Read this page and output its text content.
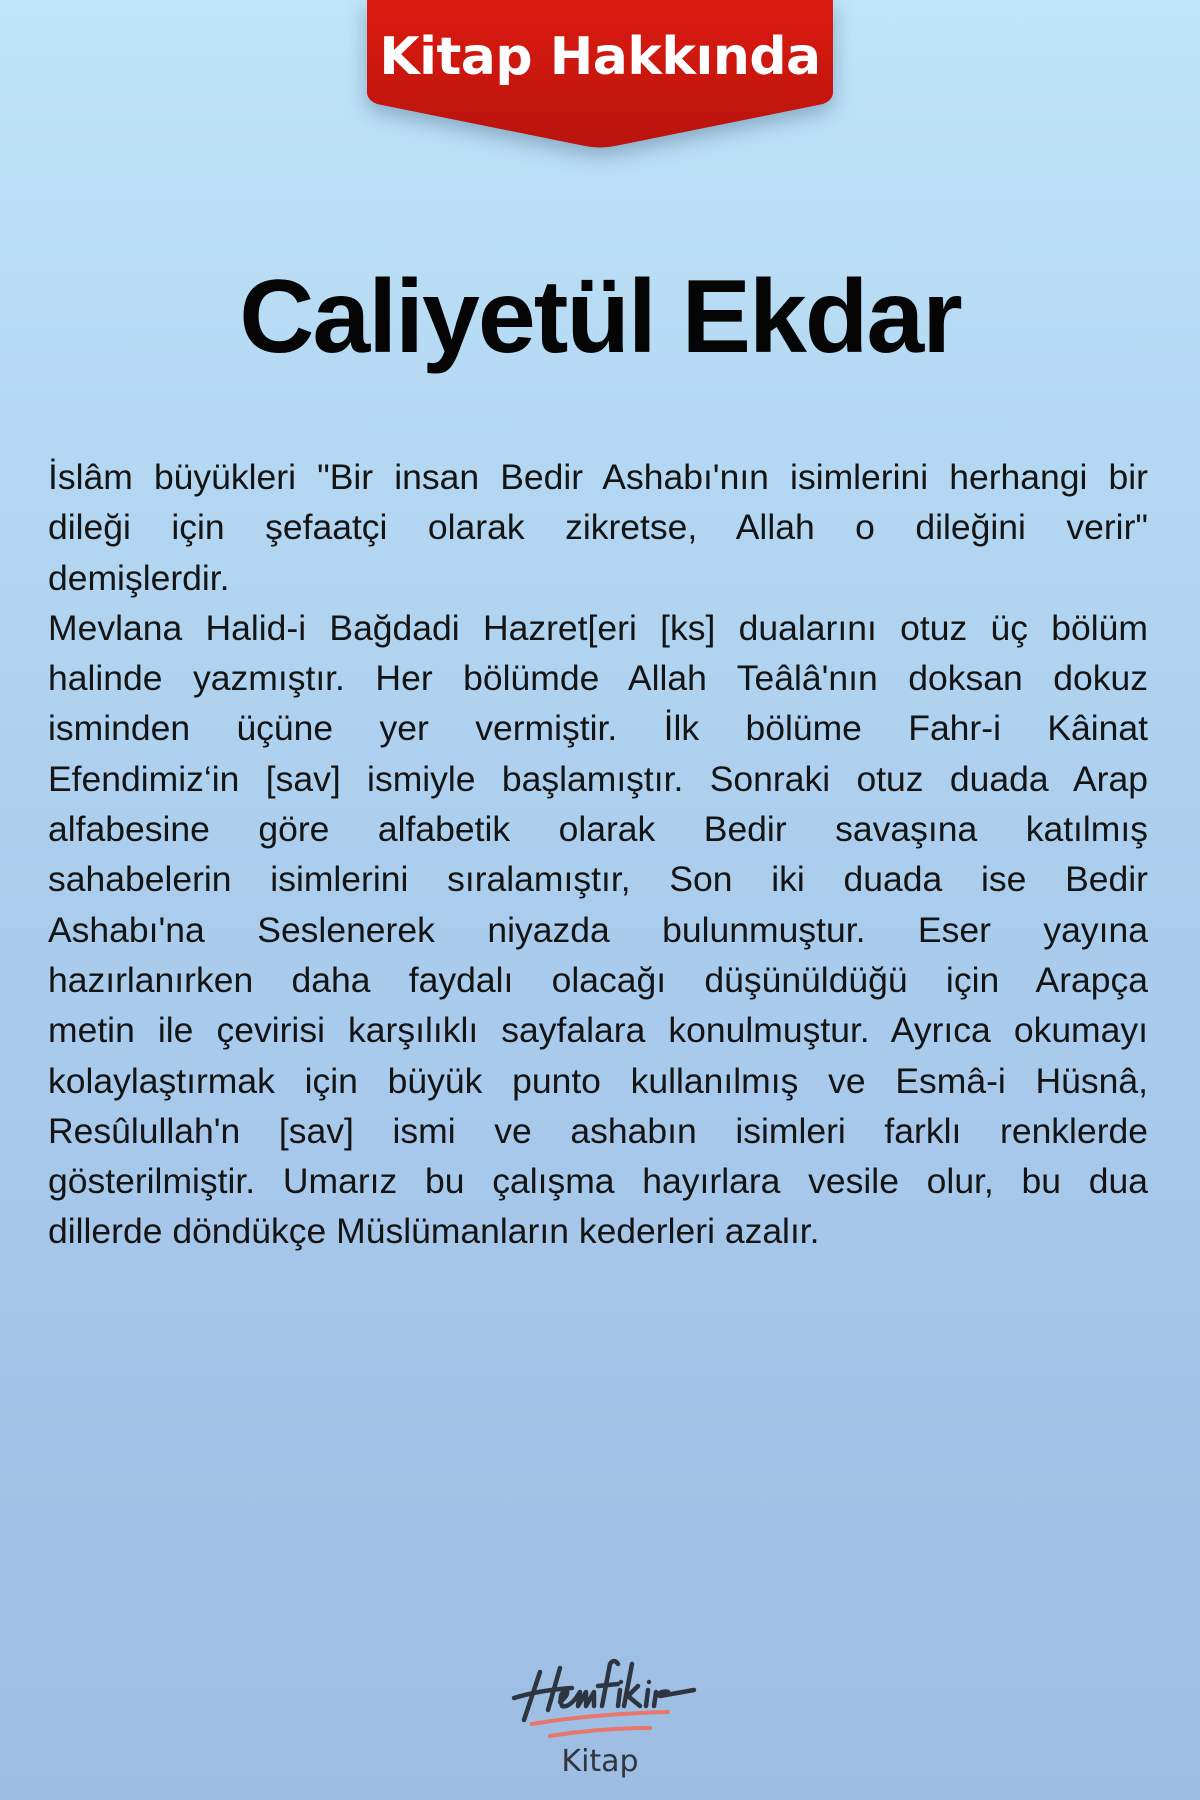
Kitap Hakkında
Caliyetül Ekdar
İslâm büyükleri "Bir insan Bedir Ashabı'nın isimlerini herhangi bir
dileği için şefaatçi olarak zikretse, Allah o dileğini verir"
demişlerdir.
Mevlana Halid-i Bağdadi Hazret[eri [ks] dualarını otuz üç bölüm
halinde yazmıştır. Her bölümde Allah Teâlâ'nın doksan dokuz
isminden üçüne yer vermiştir. İlk bölüme Fahr-i Kâinat
Efendimiz‘in [sav] ismiyle başlamıştır. Sonraki otuz duada Arap
alfabesine göre alfabetik olarak Bedir savaşına katılmış
sahabelerin isimlerini sıralamıştır, Son iki duada ise Bedir
Ashabı'na Seslenerek niyazda bulunmuştur. Eser yayına
hazırlanırken daha faydalı olacağı düşünüldüğü için Arapça
metin ile çevirisi karşılıklı sayfalara konulmuştur. Ayrıca okumayı
kolaylaştırmak için büyük punto kullanılmış ve Esmâ-i Hüsnâ,
Resûlullah'n [sav] ismi ve ashabın isimleri farklı renklerde
gösterilmiştir. Umarız bu çalışma hayırlara vesile olur, bu dua
dillerde döndükçe Müslümanların kederleri azalır.
Kitap
